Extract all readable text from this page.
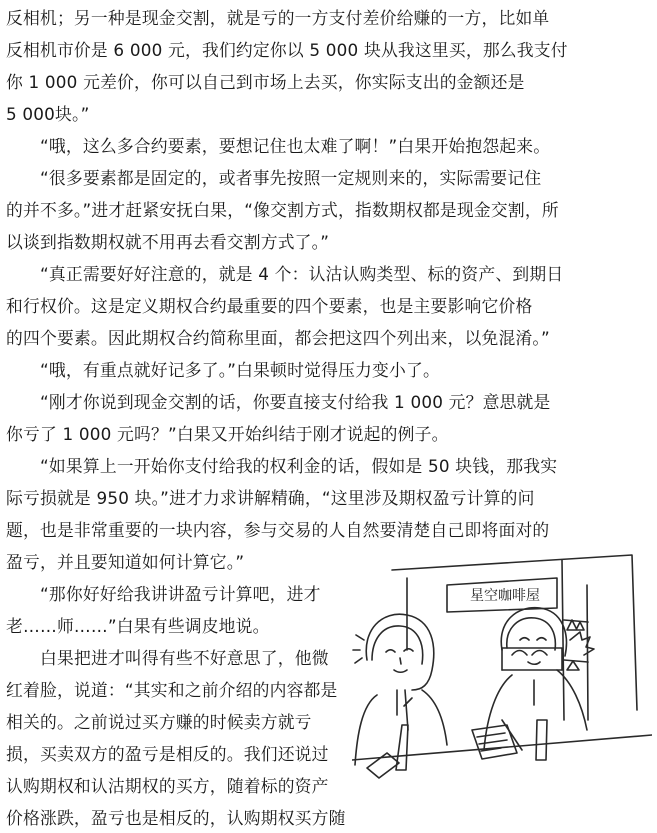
反相机；另一种是现金交割，就是亏的一方支付差价给赚的一方，比如单
反相机市价是 6 000 元，我们约定你以 5 000 块从我这里买，那么我支付
你 1 000 元差价，你可以自己到市场上去买，你实际支出的金额还是
5 000块。”
“哦，这么多合约要素，要想记住也太难了啊！”白果开始抱怨起来。
“很多要素都是固定的，或者事先按照一定规则来的，实际需要记住
的并不多。”进才赶紧安抚白果，“像交割方式，指数期权都是现金交割，所
以谈到指数期权就不用再去看交割方式了。”
“真正需要好好注意的，就是 4 个：认沽认购类型、标的资产、到期日
和行权价。这是定义期权合约最重要的四个要素，也是主要影响它价格
的四个要素。因此期权合约简称里面，都会把这四个列出来，以免混淆。”
“哦，有重点就好记多了。”白果顿时觉得压力变小了。
“刚才你说到现金交割的话，你要直接支付给我 1 000 元？意思就是
你亏了 1 000 元吗？”白果又开始纠结于刚才说起的例子。
“如果算上一开始你支付给我的权利金的话，假如是 50 块钱，那我实
际亏损就是 950 块。”进才力求讲解精确，“这里涉及期权盈亏计算的问
题，也是非常重要的一块内容，参与交易的人自然要清楚自己即将面对的
盈亏，并且要知道如何计算它。”
“那你好好给我讲讲盈亏计算吧，进才
老……师……”白果有些调皮地说。
白果把进才叫得有些不好意思了，他微
红着脸，说道：“其实和之前介绍的内容都是
相关的。之前说过买方赚的时候卖方就亏
损，买卖双方的盈亏是相反的。我们还说过
认购期权和认沽期权的买方，随着标的资产
价格涨跌，盈亏也是相反的，认购期权买方随
星空咖啡屋
